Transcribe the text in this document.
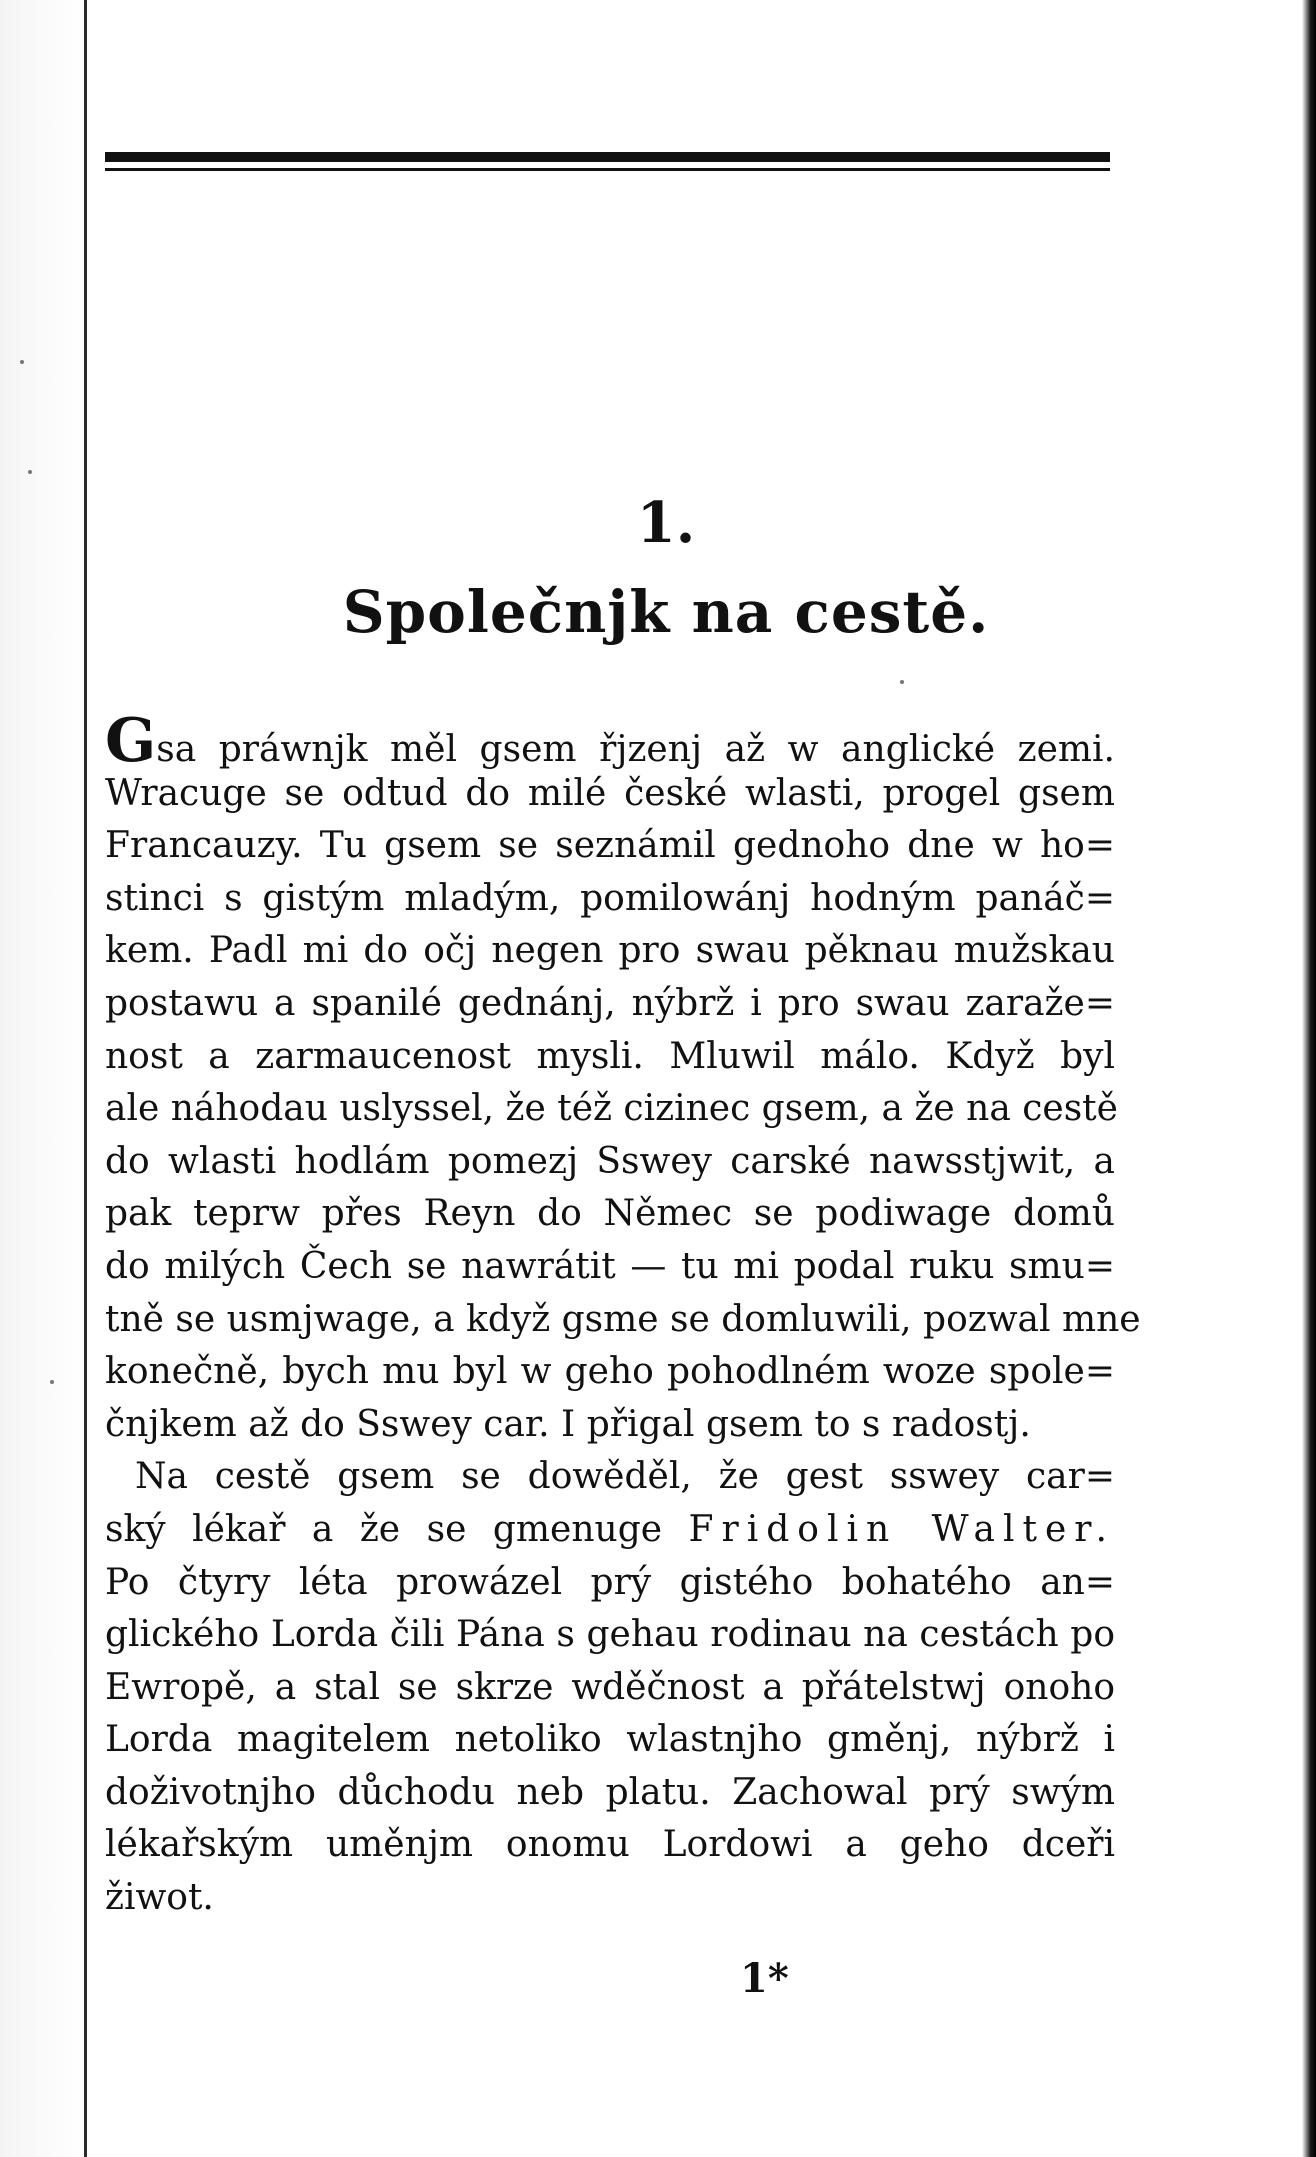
1.
Společnjk na cestě.
Gsa práwnjk měl gsem řjzenj až w anglické zemi.
Wracuge se odtud do milé české wlasti, progel gsem
Francauzy. Tu gsem se seznámil gednoho dne w ho=
stinci s gistým mladým, pomilowánj hodným panáč=
kem. Padl mi do očj negen pro swau pěknau mužskau
postawu a spanilé gednánj, nýbrž i pro swau zaraže=
nost a zarmaucenost mysli. Mluwil málo. Když byl
ale náhodau uslyssel, že též cizinec gsem, a že na cestě
do wlasti hodlám pomezj Sswey carské nawsstjwit, a
pak teprw přes Reyn do Němec se podiwage domů
do milých Čech se nawrátit — tu mi podal ruku smu=
tně se usmjwage, a když gsme se domluwili, pozwal mne
konečně, bych mu byl w geho pohodlném woze spole=
čnjkem až do Sswey car. I přigal gsem to s radostj.
Na cestě gsem se dowěděl, že gest sswey car=
ský lékař a že se gmenuge Fridolin Walter.
Po čtyry léta prowázel prý gistého bohatého an=
glického Lorda čili Pána s gehau rodinau na cestách po
Ewropě, a stal se skrze wděčnost a přátelstwj onoho
Lorda magitelem netoliko wlastnjho gměnj, nýbrž i
doživotnjho důchodu neb platu. Zachowal prý swým
lékařským uměnjm onomu Lordowi a geho dceři
žiwot.
1*
